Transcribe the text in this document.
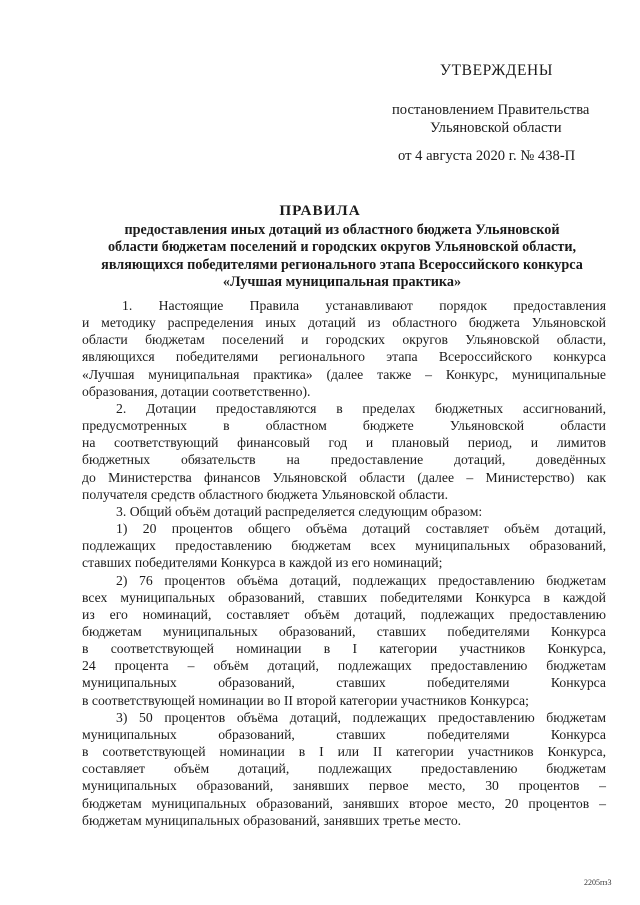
УТВЕРЖДЕНЫ
постановлением Правительства
Ульяновской области
от 4 августа 2020 г. № 438-П
ПРАВИЛА
предоставления иных дотаций из областного бюджета Ульяновской
области бюджетам поселений и городских округов Ульяновской области,
являющихся победителями регионального этапа Всероссийского конкурса
«Лучшая муниципальная практика»
1. Настоящие Правила устанавливают порядок предоставления
и методику распределения иных дотаций из областного бюджета Ульяновской
области бюджетам поселений и городских округов Ульяновской области,
являющихся победителями регионального этапа Всероссийского конкурса
«Лучшая муниципальная практика» (далее также – Конкурс, муниципальные
образования, дотации соответственно).
2. Дотации предоставляются в пределах бюджетных ассигнований,
предусмотренных в областном бюджете Ульяновской области
на соответствующий финансовый год и плановый период, и лимитов
бюджетных обязательств на предоставление дотаций, доведённых
до Министерства финансов Ульяновской области (далее – Министерство) как
получателя средств областного бюджета Ульяновской области.
3. Общий объём дотаций распределяется следующим образом:
1) 20 процентов общего объёма дотаций составляет объём дотаций,
подлежащих предоставлению бюджетам всех муниципальных образований,
ставших победителями Конкурса в каждой из его номинаций;
2) 76 процентов объёма дотаций, подлежащих предоставлению бюджетам
всех муниципальных образований, ставших победителями Конкурса в каждой
из его номинаций, составляет объём дотаций, подлежащих предоставлению
бюджетам муниципальных образований, ставших победителями Конкурса
в соответствующей номинации в I категории участников Конкурса,
24 процента – объём дотаций, подлежащих предоставлению бюджетам
муниципальных образований, ставших победителями Конкурса
в соответствующей номинации во II второй категории участников Конкурса;
3) 50 процентов объёма дотаций, подлежащих предоставлению бюджетам
муниципальных образований, ставших победителями Конкурса
в соответствующей номинации в I или II категории участников Конкурса,
составляет объём дотаций, подлежащих предоставлению бюджетам
муниципальных образований, занявших первое место, 30 процентов –
бюджетам муниципальных образований, занявших второе место, 20 процентов –
бюджетам муниципальных образований, занявших третье место.
2205пз3
